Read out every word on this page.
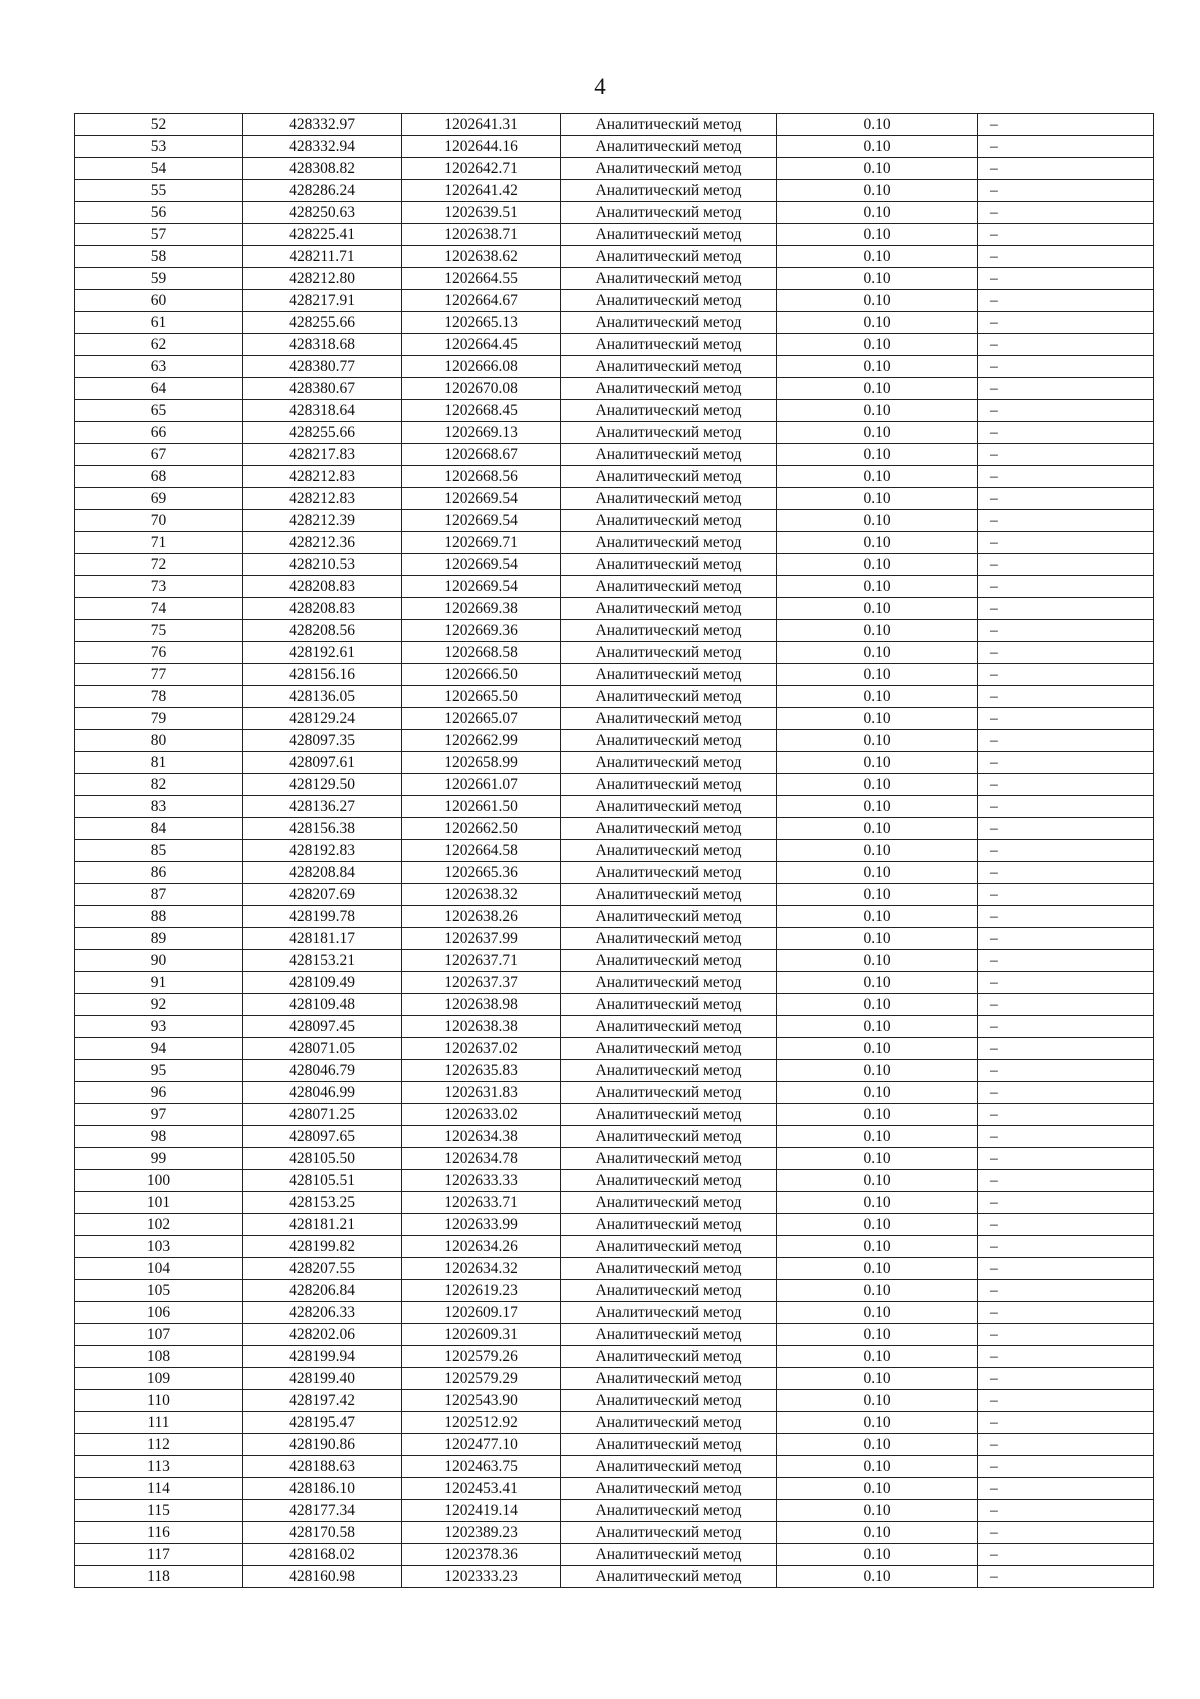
4
52	428332.97	1202641.31	Аналитический метод	0.10	–
53	428332.94	1202644.16	Аналитический метод	0.10	–
54	428308.82	1202642.71	Аналитический метод	0.10	–
55	428286.24	1202641.42	Аналитический метод	0.10	–
56	428250.63	1202639.51	Аналитический метод	0.10	–
57	428225.41	1202638.71	Аналитический метод	0.10	–
58	428211.71	1202638.62	Аналитический метод	0.10	–
59	428212.80	1202664.55	Аналитический метод	0.10	–
60	428217.91	1202664.67	Аналитический метод	0.10	–
61	428255.66	1202665.13	Аналитический метод	0.10	–
62	428318.68	1202664.45	Аналитический метод	0.10	–
63	428380.77	1202666.08	Аналитический метод	0.10	–
64	428380.67	1202670.08	Аналитический метод	0.10	–
65	428318.64	1202668.45	Аналитический метод	0.10	–
66	428255.66	1202669.13	Аналитический метод	0.10	–
67	428217.83	1202668.67	Аналитический метод	0.10	–
68	428212.83	1202668.56	Аналитический метод	0.10	–
69	428212.83	1202669.54	Аналитический метод	0.10	–
70	428212.39	1202669.54	Аналитический метод	0.10	–
71	428212.36	1202669.71	Аналитический метод	0.10	–
72	428210.53	1202669.54	Аналитический метод	0.10	–
73	428208.83	1202669.54	Аналитический метод	0.10	–
74	428208.83	1202669.38	Аналитический метод	0.10	–
75	428208.56	1202669.36	Аналитический метод	0.10	–
76	428192.61	1202668.58	Аналитический метод	0.10	–
77	428156.16	1202666.50	Аналитический метод	0.10	–
78	428136.05	1202665.50	Аналитический метод	0.10	–
79	428129.24	1202665.07	Аналитический метод	0.10	–
80	428097.35	1202662.99	Аналитический метод	0.10	–
81	428097.61	1202658.99	Аналитический метод	0.10	–
82	428129.50	1202661.07	Аналитический метод	0.10	–
83	428136.27	1202661.50	Аналитический метод	0.10	–
84	428156.38	1202662.50	Аналитический метод	0.10	–
85	428192.83	1202664.58	Аналитический метод	0.10	–
86	428208.84	1202665.36	Аналитический метод	0.10	–
87	428207.69	1202638.32	Аналитический метод	0.10	–
88	428199.78	1202638.26	Аналитический метод	0.10	–
89	428181.17	1202637.99	Аналитический метод	0.10	–
90	428153.21	1202637.71	Аналитический метод	0.10	–
91	428109.49	1202637.37	Аналитический метод	0.10	–
92	428109.48	1202638.98	Аналитический метод	0.10	–
93	428097.45	1202638.38	Аналитический метод	0.10	–
94	428071.05	1202637.02	Аналитический метод	0.10	–
95	428046.79	1202635.83	Аналитический метод	0.10	–
96	428046.99	1202631.83	Аналитический метод	0.10	–
97	428071.25	1202633.02	Аналитический метод	0.10	–
98	428097.65	1202634.38	Аналитический метод	0.10	–
99	428105.50	1202634.78	Аналитический метод	0.10	–
100	428105.51	1202633.33	Аналитический метод	0.10	–
101	428153.25	1202633.71	Аналитический метод	0.10	–
102	428181.21	1202633.99	Аналитический метод	0.10	–
103	428199.82	1202634.26	Аналитический метод	0.10	–
104	428207.55	1202634.32	Аналитический метод	0.10	–
105	428206.84	1202619.23	Аналитический метод	0.10	–
106	428206.33	1202609.17	Аналитический метод	0.10	–
107	428202.06	1202609.31	Аналитический метод	0.10	–
108	428199.94	1202579.26	Аналитический метод	0.10	–
109	428199.40	1202579.29	Аналитический метод	0.10	–
110	428197.42	1202543.90	Аналитический метод	0.10	–
111	428195.47	1202512.92	Аналитический метод	0.10	–
112	428190.86	1202477.10	Аналитический метод	0.10	–
113	428188.63	1202463.75	Аналитический метод	0.10	–
114	428186.10	1202453.41	Аналитический метод	0.10	–
115	428177.34	1202419.14	Аналитический метод	0.10	–
116	428170.58	1202389.23	Аналитический метод	0.10	–
117	428168.02	1202378.36	Аналитический метод	0.10	–
118	428160.98	1202333.23	Аналитический метод	0.10	–
